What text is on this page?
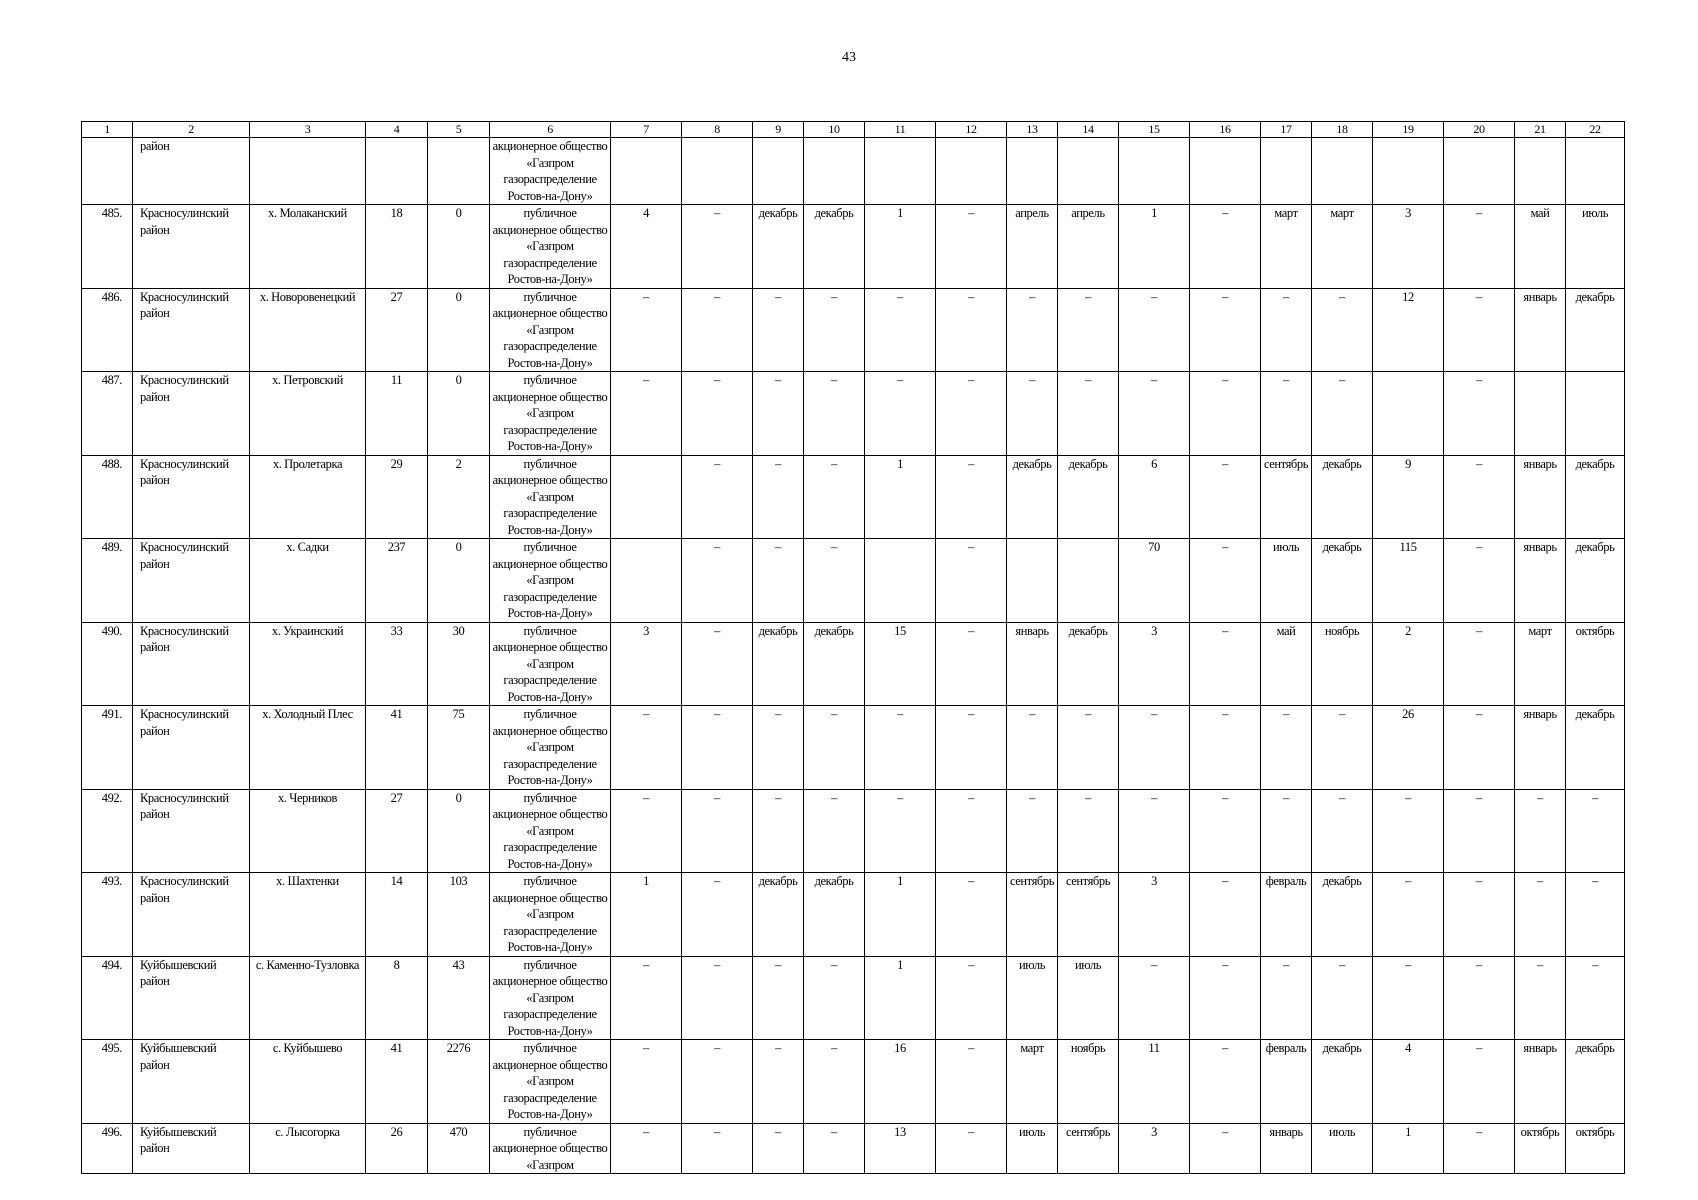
43
1	2	3	4	5	6	7	8	9	10	11	12	13	14	15	16	17	18	19	20	21	22
	район				акционерное общество «Газпром газораспределение Ростов-на-Дону»																
485.	Красносулинский район	х. Молаканский	18	0	публичное акционерное общество «Газпром газораспределение Ростов-на-Дону»	4	–	декабрь	декабрь	1	–	апрель	апрель	1	–	март	март	3	–	май	июль
486.	Красносулинский район	х. Новоровенецкий	27	0	публичное акционерное общество «Газпром газораспределение Ростов-на-Дону»	–	–	–	–	–	–	–	–	–	–	–	–	12	–	январь	декабрь
487.	Красносулинский район	х. Петровский	11	0	публичное акционерное общество «Газпром газораспределение Ростов-на-Дону»	–	–	–	–	–	–	–	–	–	–	–	–		–		
488.	Красносулинский район	х. Пролетарка	29	2	публичное акционерное общество «Газпром газораспределение Ростов-на-Дону»		–	–	–	1	–	декабрь	декабрь	6	–	сентябрь	декабрь	9	–	январь	декабрь
489.	Красносулинский район	х. Садки	237	0	публичное акционерное общество «Газпром газораспределение Ростов-на-Дону»		–	–	–		–			70	–	июль	декабрь	115	–	январь	декабрь
490.	Красносулинский район	х. Украинский	33	30	публичное акционерное общество «Газпром газораспределение Ростов-на-Дону»	3	–	декабрь	декабрь	15	–	январь	декабрь	3	–	май	ноябрь	2	–	март	октябрь
491.	Красносулинский район	х. Холодный Плес	41	75	публичное акционерное общество «Газпром газораспределение Ростов-на-Дону»	–	–	–	–	–	–	–	–	–	–	–	–	26	–	январь	декабрь
492.	Красносулинский район	х. Черников	27	0	публичное акционерное общество «Газпром газораспределение Ростов-на-Дону»	–	–	–	–	–	–	–	–	–	–	–	–	–	–	–	–
493.	Красносулинский район	х. Шахтенки	14	103	публичное акционерное общество «Газпром газораспределение Ростов-на-Дону»	1	–	декабрь	декабрь	1	–	сентябрь	сентябрь	3	–	февраль	декабрь	–	–	–	–
494.	Куйбышевский район	с. Каменно-Тузловка	8	43	публичное акционерное общество «Газпром газораспределение Ростов-на-Дону»	–	–	–	–	1	–	июль	июль	–	–	–	–	–	–	–	–
495.	Куйбышевский район	с. Куйбышево	41	2276	публичное акционерное общество «Газпром газораспределение Ростов-на-Дону»	–	–	–	–	16	–	март	ноябрь	11	–	февраль	декабрь	4	–	январь	декабрь
496.	Куйбышевский район	с. Лысогорка	26	470	публичное акционерное общество «Газпром	–	–	–	–	13	–	июль	сентябрь	3	–	январь	июль	1	–	октябрь	октябрь
